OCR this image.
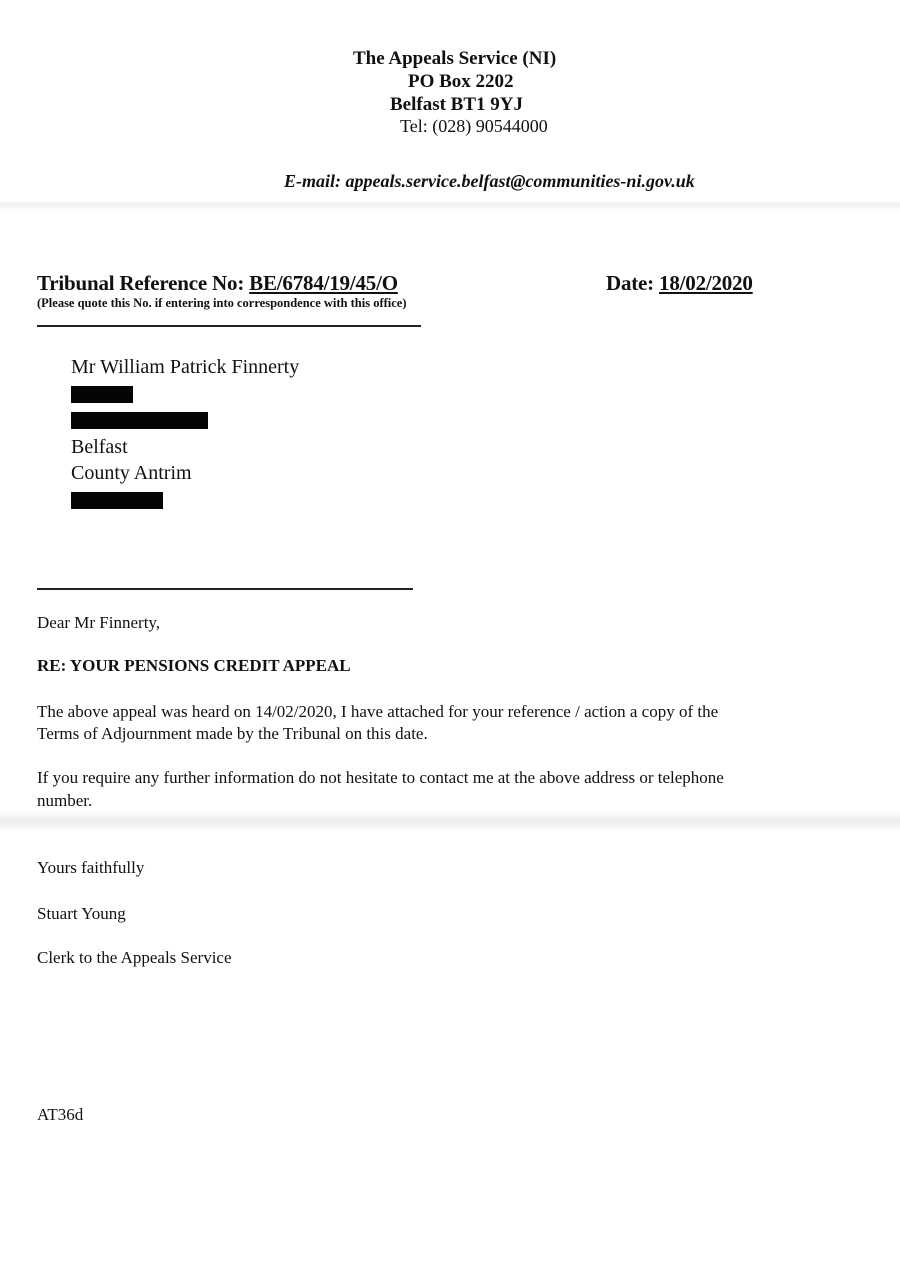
The Appeals Service (NI)
PO Box 2202
Belfast BT1 9YJ
Tel: (028) 90544000
E-mail: appeals.service.belfast@communities-ni.gov.uk
Tribunal Reference No: BE/6784/19/45/O
(Please quote this No. if entering into correspondence with this office)
Date: 18/02/2020
Mr William Patrick Finnerty
Belfast
County Antrim
Dear Mr Finnerty,
RE: YOUR PENSIONS CREDIT APPEAL
The above appeal was heard on 14/02/2020, I have attached for your reference / action a copy of the
Terms of Adjournment made by the Tribunal on this date.
If you require any further information do not hesitate to contact me at the above address or telephone
number.
Yours faithfully
Stuart Young
Clerk to the Appeals Service
AT36d
